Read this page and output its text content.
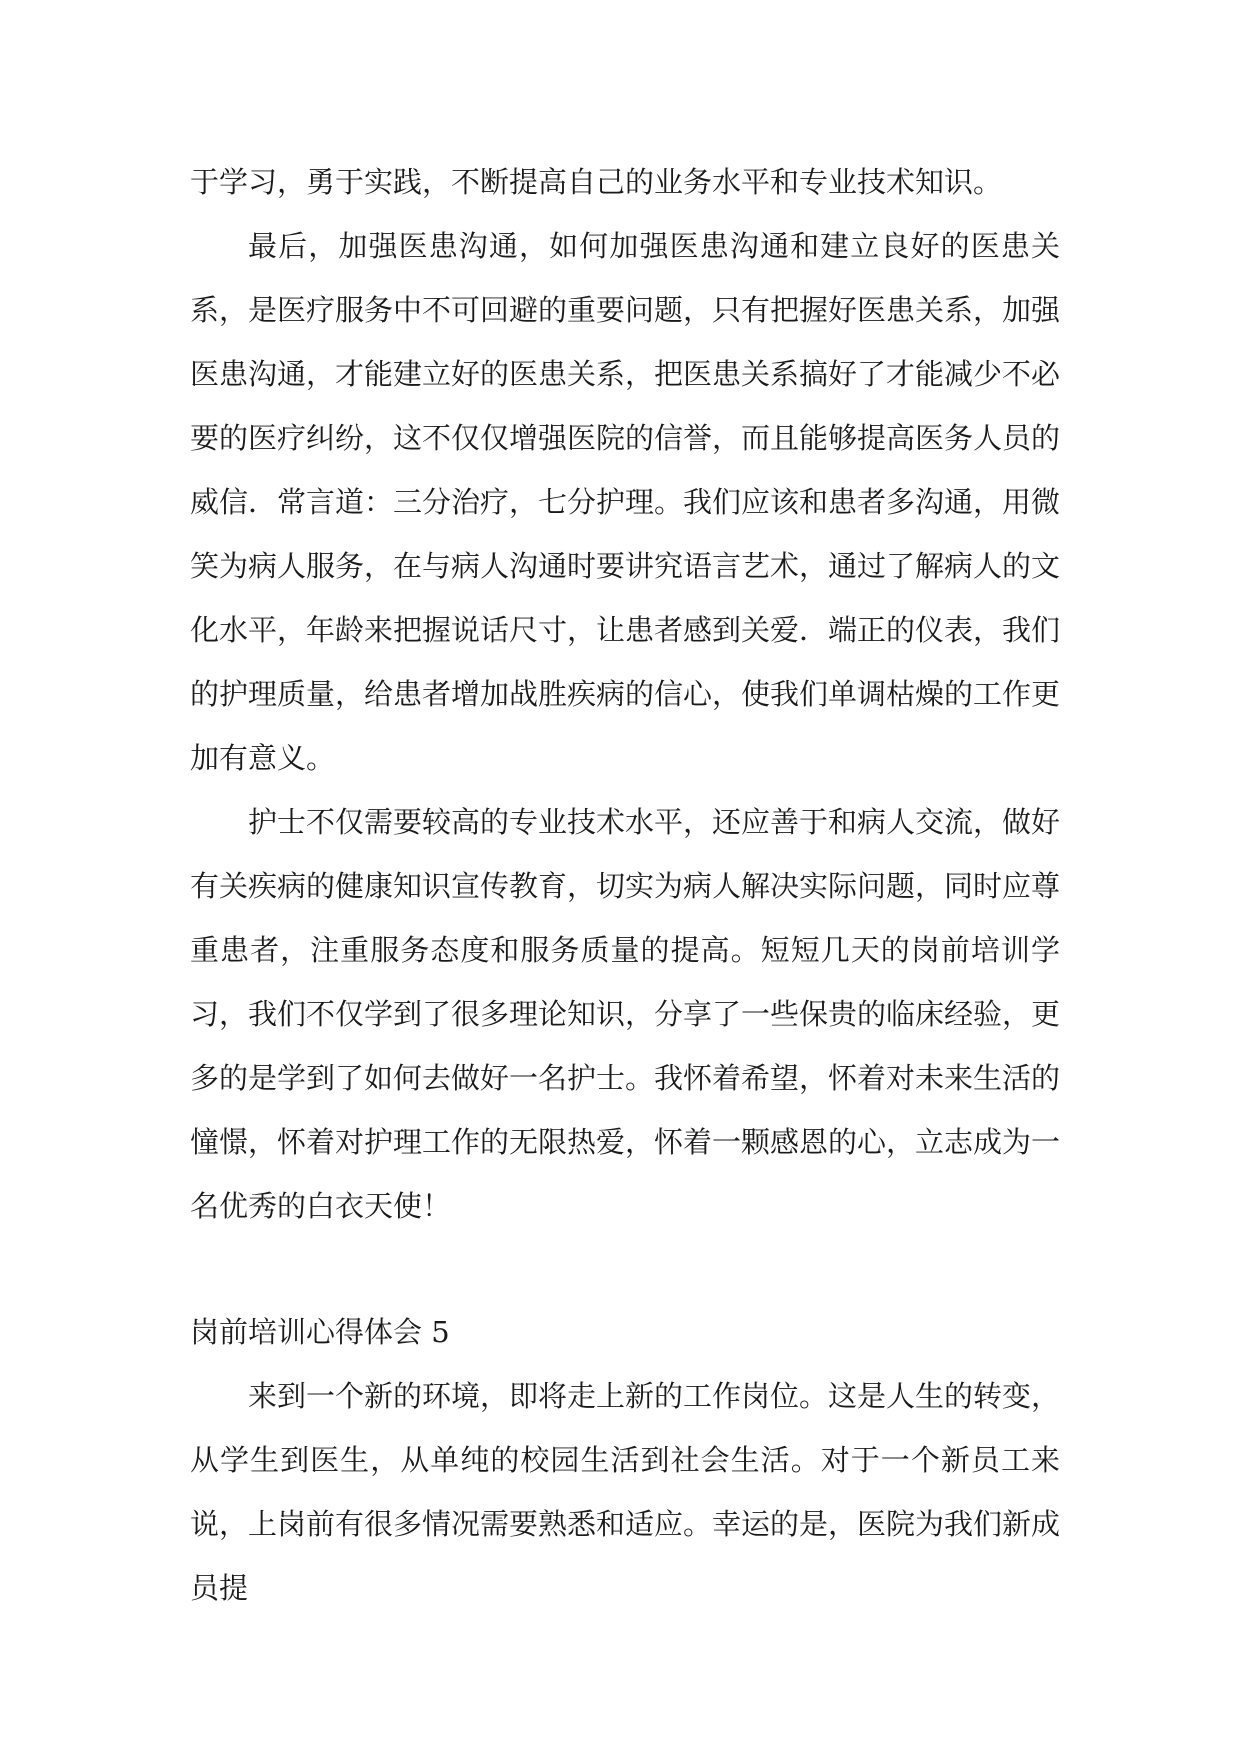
于学习，勇于实践，不断提高自己的业务水平和专业技术知识。

最后，加强医患沟通，如何加强医患沟通和建立良好的医患关系，是医疗服务中不可回避的重要问题，只有把握好医患关系，加强医患沟通，才能建立好的医患关系，把医患关系搞好了才能减少不必要的医疗纠纷，这不仅仅增强医院的信誉，而且能够提高医务人员的威信．常言道：三分治疗，七分护理。我们应该和患者多沟通，用微笑为病人服务，在与病人沟通时要讲究语言艺术，通过了解病人的文化水平，年龄来把握说话尺寸，让患者感到关爱．端正的仪表，我们的护理质量，给患者增加战胜疾病的信心，使我们单调枯燥的工作更加有意义。

护士不仅需要较高的专业技术水平，还应善于和病人交流，做好有关疾病的健康知识宣传教育，切实为病人解决实际问题，同时应尊重患者，注重服务态度和服务质量的提高。短短几天的岗前培训学习，我们不仅学到了很多理论知识，分享了一些保贵的临床经验，更多的是学到了如何去做好一名护士。我怀着希望，怀着对未来生活的憧憬，怀着对护理工作的无限热爱，怀着一颗感恩的心，立志成为一名优秀的白衣天使！

岗前培训心得体会 5

来到一个新的环境，即将走上新的工作岗位。这是人生的转变，从学生到医生，从单纯的校园生活到社会生活。对于一个新员工来说，上岗前有很多情况需要熟悉和适应。幸运的是，医院为我们新成员提
